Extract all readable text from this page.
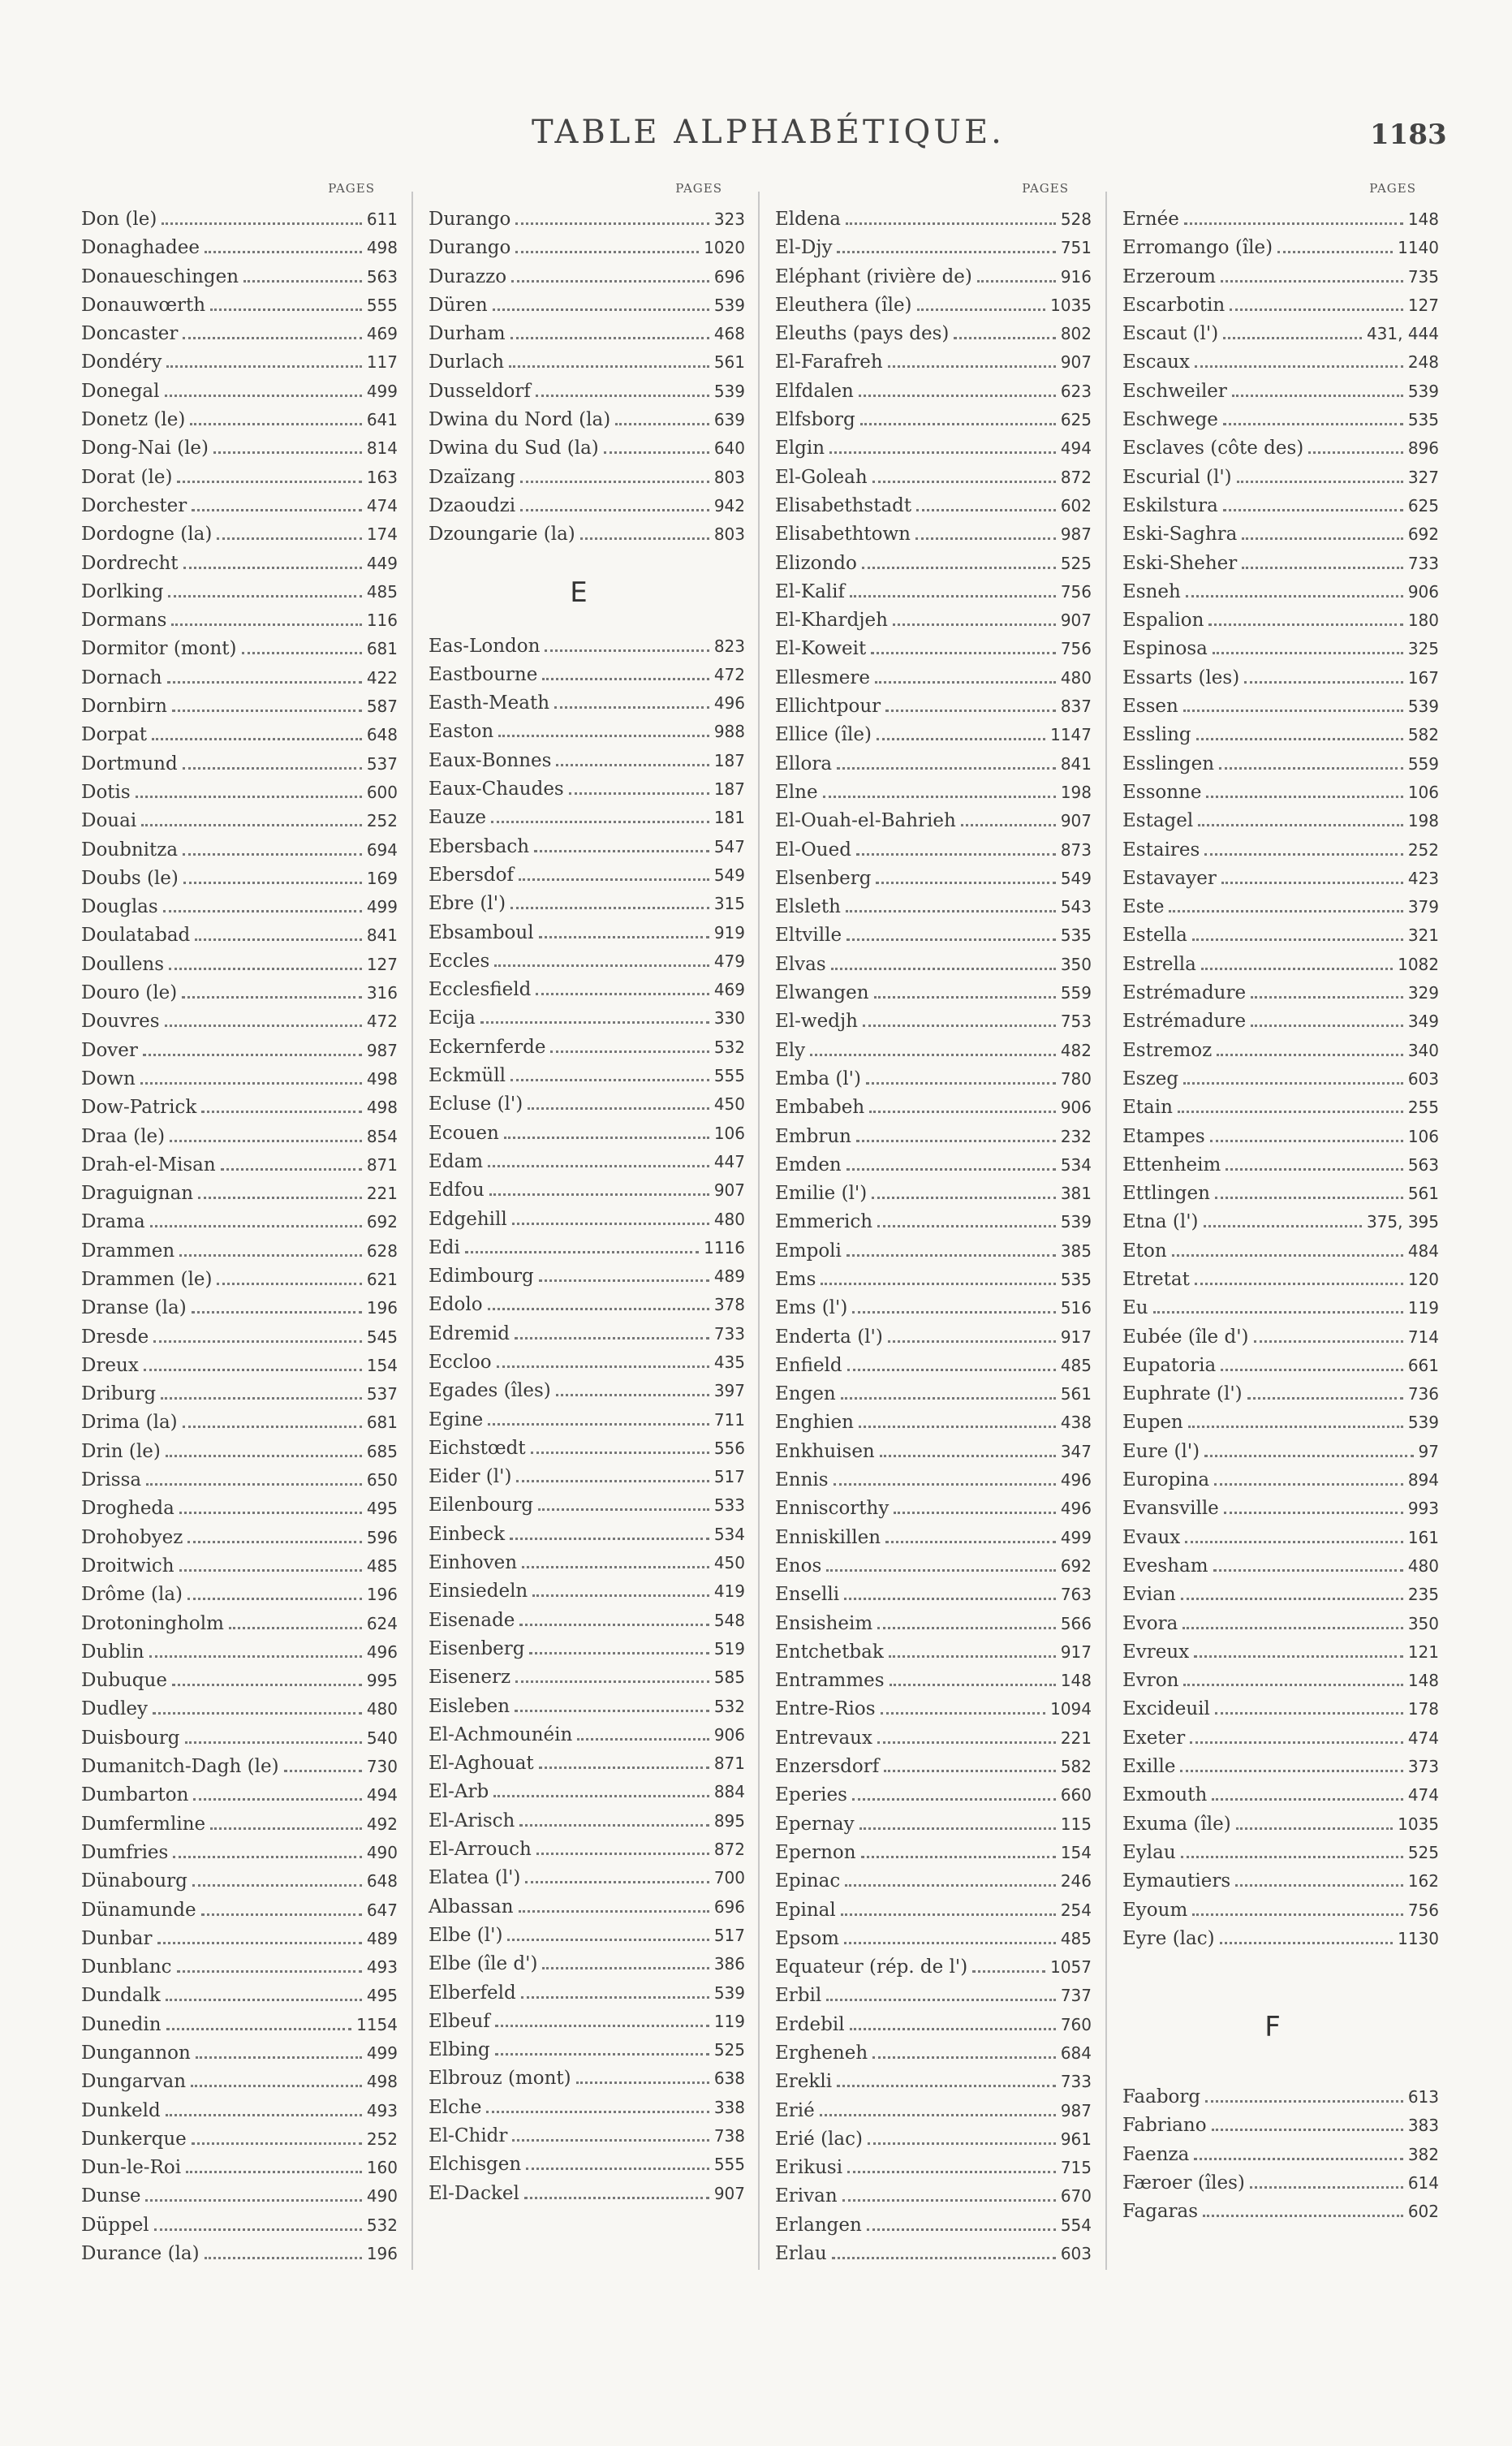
TABLE ALPHABÉTIQUE.	1183
PAGES
Don (le)	611
Donaghadee	498
Donaueschingen	563
Donauwœrth	555
Doncaster	469
Dondéry	117
Donegal	499
Donetz (le)	641
Dong-Nai (le)	814
Dorat (le)	163
Dorchester	474
Dordogne (la)	174
Dordrecht	449
Dorlking	485
Dormans	116
Dormitor (mont)	681
Dornach	422
Dornbirn	587
Dorpat	648
Dortmund	537
Dotis	600
Douai	252
Doubnitza	694
Doubs (le)	169
Douglas	499
Doulatabad	841
Doullens	127
Douro (le)	316
Douvres	472
Dover	987
Down	498
Dow-Patrick	498
Draa (le)	854
Drah-el-Misan	871
Draguignan	221
Drama	692
Drammen	628
Drammen (le)	621
Dranse (la)	196
Dresde	545
Dreux	154
Driburg	537
Drima (la)	681
Drin (le)	685
Drissa	650
Drogheda	495
Drohobyez	596
Droitwich	485
Drôme (la)	196
Drotoningholm	624
Dublin	496
Dubuque	995
Dudley	480
Duisbourg	540
Dumanitch-Dagh (le)	730
Dumbarton	494
Dumfermline	492
Dumfries	490
Dünabourg	648
Dünamunde	647
Dunbar	489
Dunblanc	493
Dundalk	495
Dunedin	1154
Dungannon	499
Dungarvan	498
Dunkeld	493
Dunkerque	252
Dun-le-Roi	160
Dunse	490
Düppel	532
Durance (la)	196
PAGES
Durango	323
Durango	1020
Durazzo	696
Düren	539
Durham	468
Durlach	561
Dusseldorf	539
Dwina du Nord (la)	639
Dwina du Sud (la)	640
Dzaïzang	803
Dzaoudzi	942
Dzoungarie (la)	803
E
Eas-London	823
Eastbourne	472
Easth-Meath	496
Easton	988
Eaux-Bonnes	187
Eaux-Chaudes	187
Eauze	181
Ebersbach	547
Ebersdof	549
Ebre (l')	315
Ebsamboul	919
Eccles	479
Ecclesfield	469
Ecija	330
Eckernferde	532
Eckmüll	555
Ecluse (l')	450
Ecouen	106
Edam	447
Edfou	907
Edgehill	480
Edi	1116
Edimbourg	489
Edolo	378
Edremid	733
Eccloo	435
Egades (îles)	397
Egine	711
Eichstœdt	556
Eider (l')	517
Eilenbourg	533
Einbeck	534
Einhoven	450
Einsiedeln	419
Eisenade	548
Eisenberg	519
Eisenerz	585
Eisleben	532
El-Achmounéin	906
El-Aghouat	871
El-Arb	884
El-Arisch	895
El-Arrouch	872
Elatea (l')	700
Albassan	696
Elbe (l')	517
Elbe (île d')	386
Elberfeld	539
Elbeuf	119
Elbing	525
Elbrouz (mont)	638
Elche	338
El-Chidr	738
Elchisgen	555
El-Dackel	907
PAGES
Eldena	528
El-Djy	751
Eléphant (rivière de)	916
Eleuthera (île)	1035
Eleuths (pays des)	802
El-Farafreh	907
Elfdalen	623
Elfsborg	625
Elgin	494
El-Goleah	872
Elisabethstadt	602
Elisabethtown	987
Elizondo	525
El-Kalif	756
El-Khardjeh	907
El-Koweit	756
Ellesmere	480
Ellichtpour	837
Ellice (île)	1147
Ellora	841
Elne	198
El-Ouah-el-Bahrieh	907
El-Oued	873
Elsenberg	549
Elsleth	543
Eltville	535
Elvas	350
Elwangen	559
El-wedjh	753
Ely	482
Emba (l')	780
Embabeh	906
Embrun	232
Emden	534
Emilie (l')	381
Emmerich	539
Empoli	385
Ems	535
Ems (l')	516
Enderta (l')	917
Enfield	485
Engen	561
Enghien	438
Enkhuisen	347
Ennis	496
Enniscorthy	496
Enniskillen	499
Enos	692
Enselli	763
Ensisheim	566
Entchetbak	917
Entrammes	148
Entre-Rios	1094
Entrevaux	221
Enzersdorf	582
Eperies	660
Epernay	115
Epernon	154
Epinac	246
Epinal	254
Epsom	485
Equateur (rép. de l')	1057
Erbil	737
Erdebil	760
Ergheneh	684
Erekli	733
Erié	987
Erié (lac)	961
Erikusi	715
Erivan	670
Erlangen	554
Erlau	603
PAGES
Ernée	148
Erromango (île)	1140
Erzeroum	735
Escarbotin	127
Escaut (l')	431, 444
Escaux	248
Eschweiler	539
Eschwege	535
Esclaves (côte des)	896
Escurial (l')	327
Eskilstura	625
Eski-Saghra	692
Eski-Sheher	733
Esneh	906
Espalion	180
Espinosa	325
Essarts (les)	167
Essen	539
Essling	582
Esslingen	559
Essonne	106
Estagel	198
Estaires	252
Estavayer	423
Este	379
Estella	321
Estrella	1082
Estrémadure	329
Estrémadure	349
Estremoz	340
Eszeg	603
Etain	255
Etampes	106
Ettenheim	563
Ettlingen	561
Etna (l')	375, 395
Eton	484
Etretat	120
Eu	119
Eubée (île d')	714
Eupatoria	661
Euphrate (l')	736
Eupen	539
Eure (l')	97
Europina	894
Evansville	993
Evaux	161
Evesham	480
Evian	235
Evora	350
Evreux	121
Evron	148
Excideuil	178
Exeter	474
Exille	373
Exmouth	474
Exuma (île)	1035
Eylau	525
Eymautiers	162
Eyoum	756
Eyre (lac)	1130
F
Faaborg	613
Fabriano	383
Faenza	382
Færoer (îles)	614
Fagaras	602
